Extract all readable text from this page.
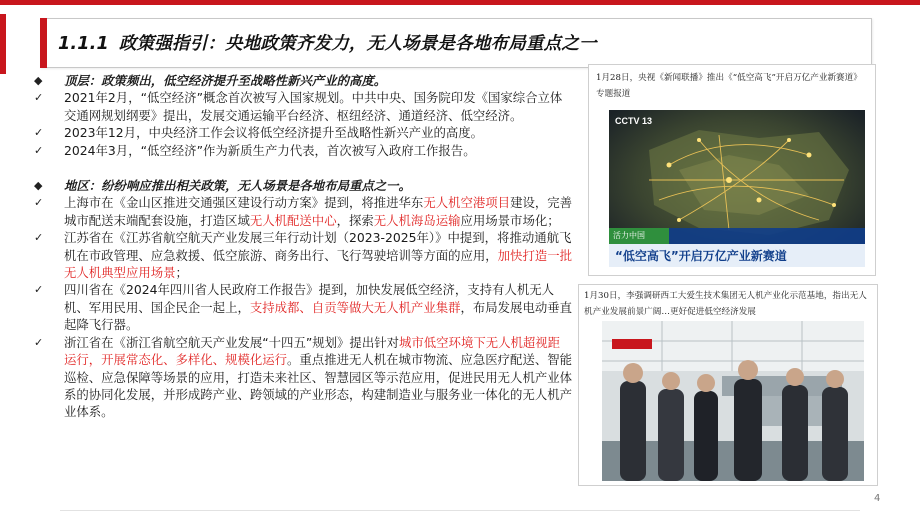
1.1.1 政策强指引：央地政策齐发力，无人场景是各地布局重点之一
◆	顶层：政策频出，低空经济提升至战略性新兴产业的高度。
✓	2021年2月，“低空经济”概念首次被写入国家规划。中共中央、国务院印发《国家综合立体交通网规划纲要》提出，发展交通运输平台经济、枢纽经济、通道经济、低空经济。
✓	2023年12月，中央经济工作会议将低空经济提升至战略性新兴产业的高度。
✓	2024年3月，“低空经济”作为新质生产力代表，首次被写入政府工作报告。
◆	地区：纷纷响应推出相关政策，无人场景是各地布局重点之一。
✓	上海市在《金山区推进交通强区建设行动方案》提到，将推进华东无人机空港项目建设，完善城市配送末端配套设施，打造区域无人机配送中心，探索无人机海岛运输应用场景市场化；
✓	江苏省在《江苏省航空航天产业发展三年行动计划（2023-2025年）》中提到，将推动通航飞机在市政管理、应急救援、低空旅游、商务出行、飞行驾驶培训等方面的应用，加快打造一批无人机典型应用场景；
✓	四川省在《2024年四川省人民政府工作报告》提到，加快发展低空经济，支持有人机无人机、军用民用、国企民企一起上，支持成都、自贡等做大无人机产业集群，布局发展电动垂直起降飞行器。
✓	浙江省在《浙江省航空航天产业发展“十四五”规划》提出针对城市低空环境下无人机超视距运行，开展常态化、多样化、规模化运行。重点推进无人机在城市物流、应急医疗配送、智能巡检、应急保障等场景的应用，打造未来社区、智慧园区等示范应用，促进民用无人机产业体系的协同化发展，并形成跨产业、跨领域的产业形态，构建制造业与服务业一体化的无人机产业体系。
1月28日，央视《新闻联播》推出《“低空高飞”开启万亿产业新赛道》专题报道
CCTV 13
活力中国
“低空高飞”开启万亿产业新赛道
1月30日，李强调研西工大爱生技术集团无人机产业化示范基地，指出无人机产业发展前景广阔…更好促进低空经济发展
4
